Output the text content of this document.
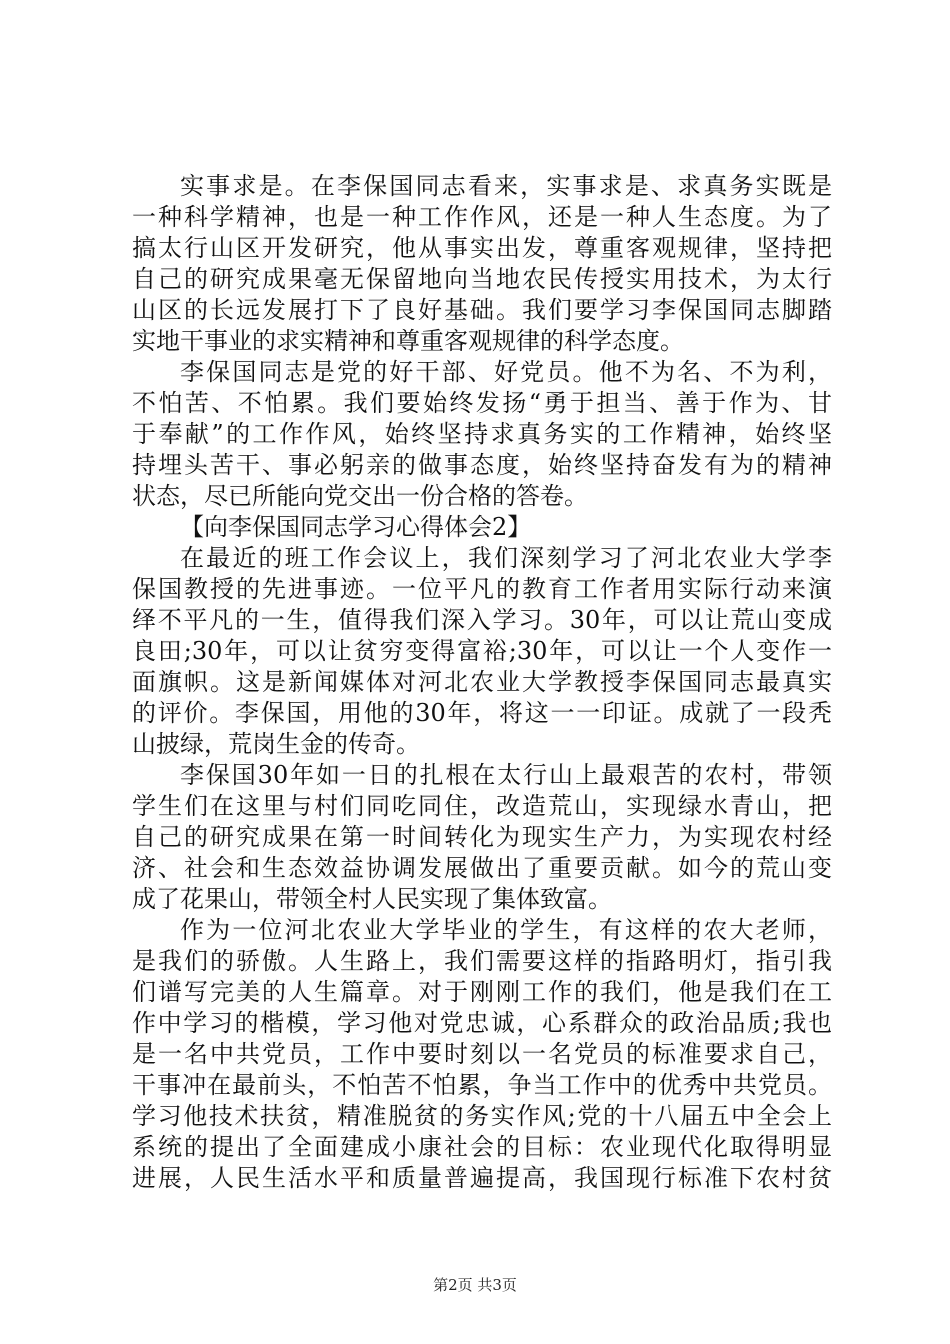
实事求是。在李保国同志看来，实事求是、求真务实既是
一种科学精神，也是一种工作作风，还是一种人生态度。为了
搞太行山区开发研究，他从事实出发，尊重客观规律，坚持把
自己的研究成果毫无保留地向当地农民传授实用技术，为太行
山区的长远发展打下了良好基础。我们要学习李保国同志脚踏
实地干事业的求实精神和尊重客观规律的科学态度。
李保国同志是党的好干部、好党员。他不为名、不为利，
不怕苦、不怕累。我们要始终发扬“勇于担当、善于作为、甘
于奉献”的工作作风，始终坚持求真务实的工作精神，始终坚
持埋头苦干、事必躬亲的做事态度，始终坚持奋发有为的精神
状态，尽已所能向党交出一份合格的答卷。
【向李保国同志学习心得体会2】
在最近的班工作会议上，我们深刻学习了河北农业大学李
保国教授的先进事迹。一位平凡的教育工作者用实际行动来演
绎不平凡的一生，值得我们深入学习。30年，可以让荒山变成
良田;30年，可以让贫穷变得富裕;30年，可以让一个人变作一
面旗帜。这是新闻媒体对河北农业大学教授李保国同志最真实
的评价。李保国，用他的30年，将这一一印证。成就了一段秃
山披绿，荒岗生金的传奇。
李保国30年如一日的扎根在太行山上最艰苦的农村，带领
学生们在这里与村们同吃同住，改造荒山，实现绿水青山，把
自己的研究成果在第一时间转化为现实生产力，为实现农村经
济、社会和生态效益协调发展做出了重要贡献。如今的荒山变
成了花果山，带领全村人民实现了集体致富。
作为一位河北农业大学毕业的学生，有这样的农大老师，
是我们的骄傲。人生路上，我们需要这样的指路明灯，指引我
们谱写完美的人生篇章。对于刚刚工作的我们，他是我们在工
作中学习的楷模，学习他对党忠诚，心系群众的政治品质;我也
是一名中共党员，工作中要时刻以一名党员的标准要求自己，
干事冲在最前头，不怕苦不怕累，争当工作中的优秀中共党员。
学习他技术扶贫，精准脱贫的务实作风;党的十八届五中全会上
系统的提出了全面建成小康社会的目标：农业现代化取得明显
进展，人民生活水平和质量普遍提高，我国现行标准下农村贫
第2页 共3页
